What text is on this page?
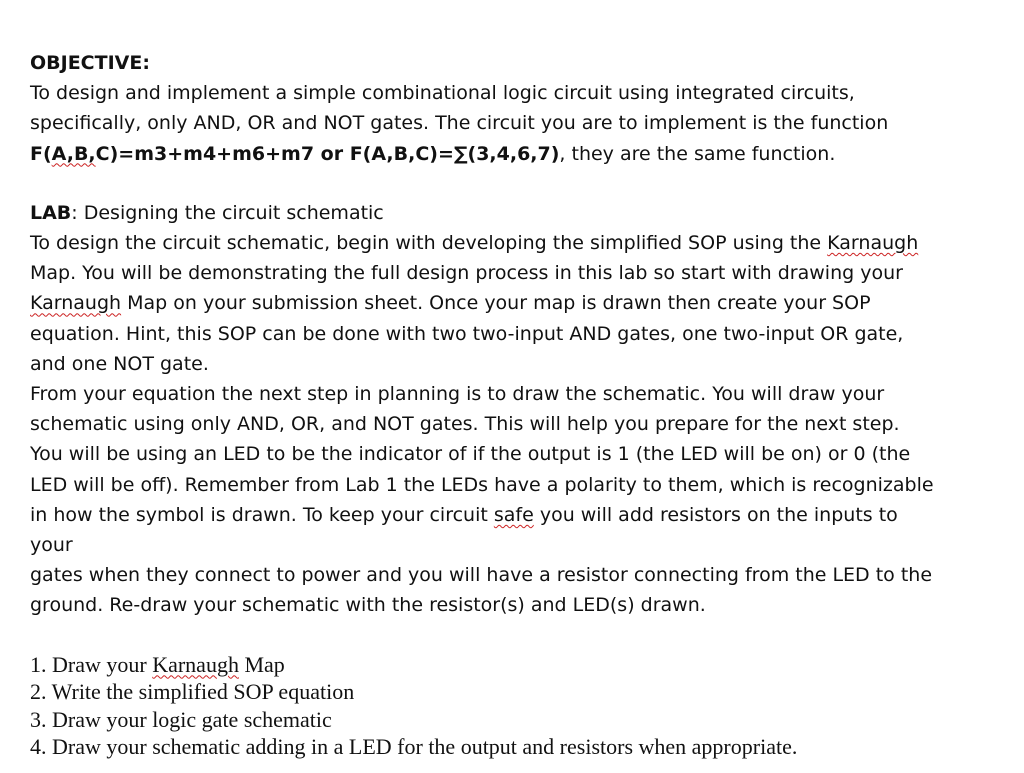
OBJECTIVE:
To design and implement a simple combinational logic circuit using integrated circuits,
specifically, only AND, OR and NOT gates. The circuit you are to implement is the function
F(A,B,C)=m3+m4+m6+m7 or F(A,B,C)=∑(3,4,6,7), they are the same function.
LAB: Designing the circuit schematic
To design the circuit schematic, begin with developing the simplified SOP using the Karnaugh
Map. You will be demonstrating the full design process in this lab so start with drawing your
Karnaugh Map on your submission sheet. Once your map is drawn then create your SOP
equation. Hint, this SOP can be done with two two-input AND gates, one two-input OR gate,
and one NOT gate.
From your equation the next step in planning is to draw the schematic. You will draw your
schematic using only AND, OR, and NOT gates. This will help you prepare for the next step.
You will be using an LED to be the indicator of if the output is 1 (the LED will be on) or 0 (the
LED will be off). Remember from Lab 1 the LEDs have a polarity to them, which is recognizable
in how the symbol is drawn. To keep your circuit safe you will add resistors on the inputs to
your
gates when they connect to power and you will have a resistor connecting from the LED to the
ground. Re-draw your schematic with the resistor(s) and LED(s) drawn.
1. Draw your Karnaugh Map
2. Write the simplified SOP equation
3. Draw your logic gate schematic
4. Draw your schematic adding in a LED for the output and resistors when appropriate.
